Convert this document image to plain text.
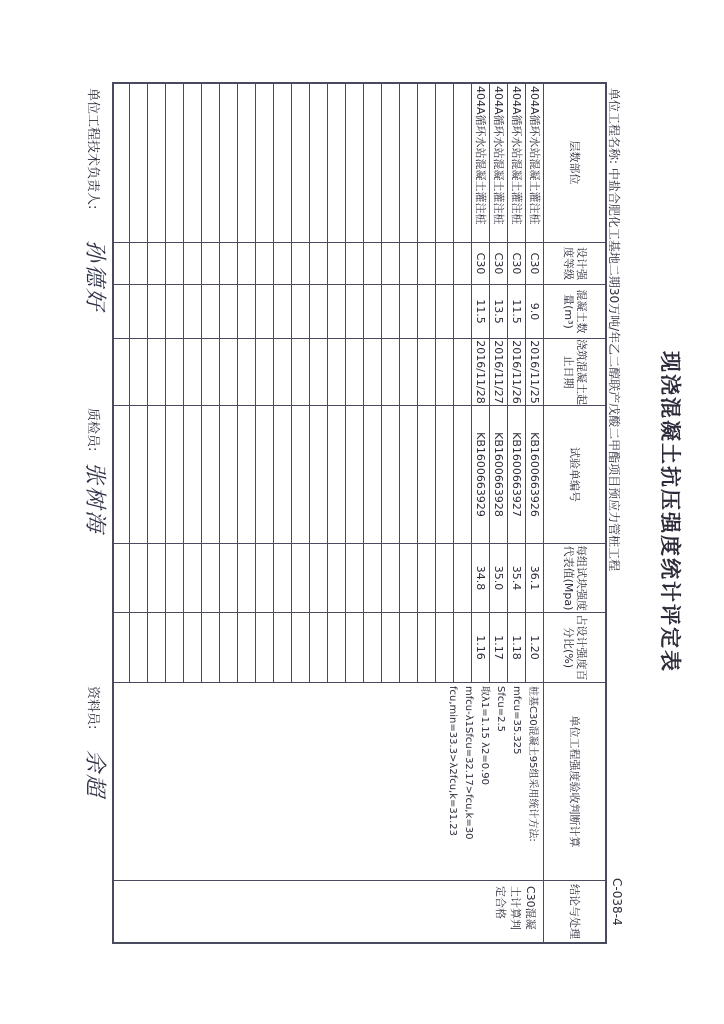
现浇混凝土抗压强度统计评定表
C-038-4
单位工程名称: 中盐合肥化工基地二期30万吨/年乙二醇联产戊酸二甲酯项目预应力管桩工程
层数部位
设计强度等级
混凝土数量(m³)
浇筑混凝土起止日期
试验单编号
每组试块强度代表值(Mpa)
占设计强度百分比(%)
单位工程强度验收判断计算
结论与处理
404A循环水站混凝土灌注桩
C30
9.0
2016/11/25
KB1600663926
36.1
1.20
404A循环水站混凝土灌注桩
C30
11.5
2016/11/26
KB1600663927
35.4
1.18
404A循环水站混凝土灌注桩
C30
13.5
2016/11/27
KB1600663928
35.0
1.17
404A循环水站混凝土灌注桩
C30
11.5
2016/11/28
KB1600663929
34.8
1.16
桩基C30混凝土95组采用统计方法:
mfcu=35.325
Sfcu=2.5
取λ1=1.15 λ2=0.90
mfcu-λ1Sfcu=32.17>fcu,k=30
fcu,min=33.3>λ2fcu,k=31.23
C30混凝
土计算判
定合格
单位工程技术负责人:
孙德好
质检员:
张树海
资料员:
余超
